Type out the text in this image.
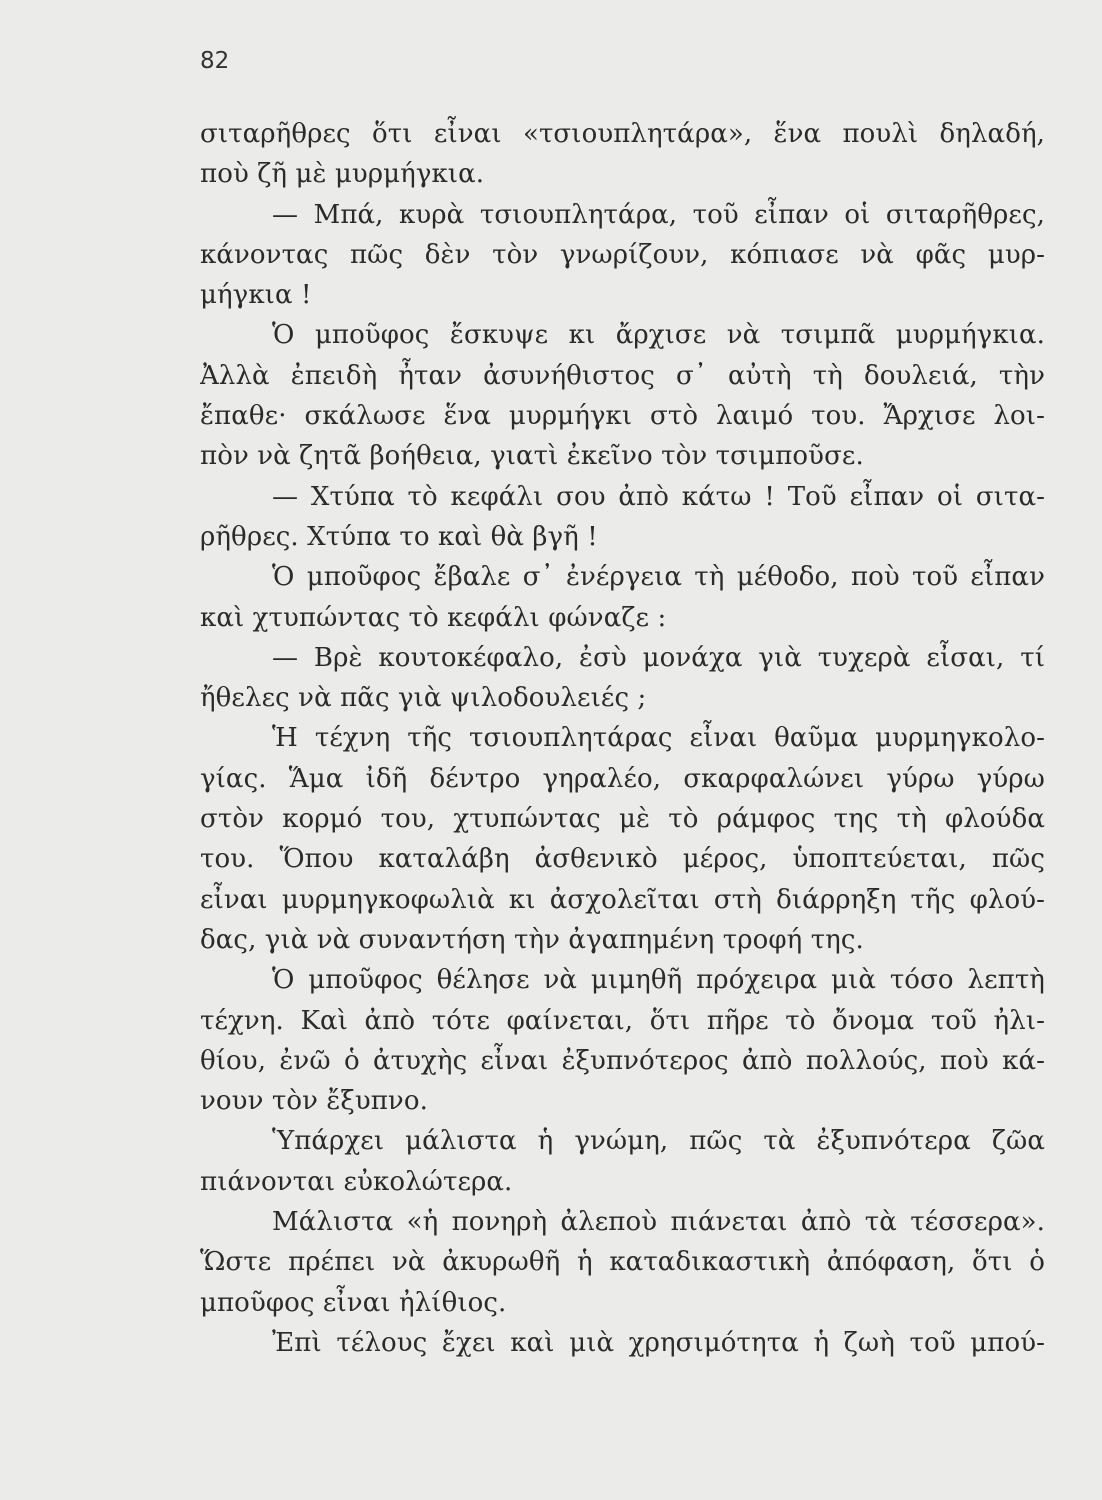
82
σιταρῆθρες ὅτι εἶναι «τσιουπλητάρα», ἕνα πουλὶ δηλαδή,
ποὺ ζῆ μὲ μυρμήγκια.
— Μπά, κυρὰ τσιουπλητάρα, τοῦ εἶπαν οἱ σιταρῆθρες,
κάνοντας πῶς δὲν τὸν γνωρίζουν, κόπιασε νὰ φᾶς μυρ-
μήγκια !
Ὁ μποῦφος ἔσκυψε κι ἄρχισε νὰ τσιμπᾶ μυρμήγκια.
Ἀλλὰ ἐπειδὴ ἦταν ἀσυνήθιστος σ᾽ αὐτὴ τὴ δουλειά, τὴν
ἔπαθε· σκάλωσε ἕνα μυρμήγκι στὸ λαιμό του. Ἄρχισε λοι-
πὸν νὰ ζητᾶ βοήθεια, γιατὶ ἐκεῖνο τὸν τσιμποῦσε.
— Χτύπα τὸ κεφάλι σου ἀπὸ κάτω ! Τοῦ εἶπαν οἱ σιτα-
ρῆθρες. Χτύπα το καὶ θὰ βγῆ !
Ὁ μποῦφος ἔβαλε σ᾽ ἐνέργεια τὴ μέθοδο, ποὺ τοῦ εἶπαν
καὶ χτυπώντας τὸ κεφάλι φώναζε :
— Βρὲ κουτοκέφαλο, ἐσὺ μονάχα γιὰ τυχερὰ εἶσαι, τί
ἤθελες νὰ πᾶς γιὰ ψιλοδουλειές ;
Ἡ τέχνη τῆς τσιουπλητάρας εἶναι θαῦμα μυρμηγκολο-
γίας. Ἅμα ἰδῆ δέντρο γηραλέο, σκαρφαλώνει γύρω γύρω
στὸν κορμό του, χτυπώντας μὲ τὸ ράμφος της τὴ φλούδα
του. Ὅπου καταλάβη ἀσθενικὸ μέρος, ὑποπτεύεται, πῶς
εἶναι μυρμηγκοφωλιὰ κι ἀσχολεῖται στὴ διάρρηξη τῆς φλού-
δας, γιὰ νὰ συναντήση τὴν ἀγαπημένη τροφή της.
Ὁ μποῦφος θέλησε νὰ μιμηθῆ πρόχειρα μιὰ τόσο λεπτὴ
τέχνη. Καὶ ἀπὸ τότε φαίνεται, ὅτι πῆρε τὸ ὄνομα τοῦ ἠλι-
θίου, ἐνῶ ὁ ἀτυχὴς εἶναι ἐξυπνότερος ἀπὸ πολλούς, ποὺ κά-
νουν τὸν ἔξυπνο.
Ὑπάρχει μάλιστα ἡ γνώμη, πῶς τὰ ἐξυπνότερα ζῶα
πιάνονται εὐκολώτερα.
Μάλιστα «ἡ πονηρὴ ἀλεποὺ πιάνεται ἀπὸ τὰ τέσσερα».
Ὥστε πρέπει νὰ ἀκυρωθῆ ἡ καταδικαστικὴ ἀπόφαση, ὅτι ὁ
μποῦφος εἶναι ἠλίθιος.
Ἐπὶ τέλους ἔχει καὶ μιὰ χρησιμότητα ἡ ζωὴ τοῦ μπού-
